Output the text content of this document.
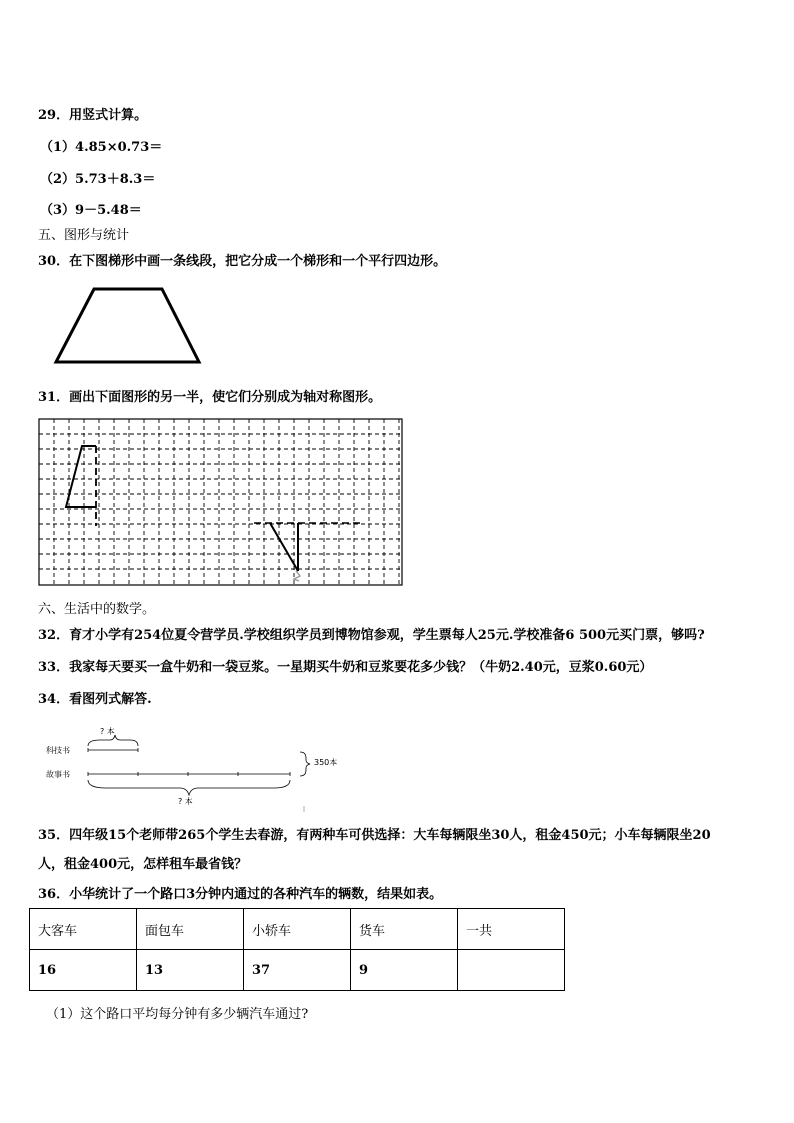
29．用竖式计算。
（1）4.85×0.73＝
（2）5.73＋8.3＝
（3）9－5.48＝
五、图形与统计
30．在下图梯形中画一条线段，把它分成一个梯形和一个平行四边形。
31．画出下面图形的另一半，使它们分别成为轴对称图形。
六、生活中的数学。
32．育才小学有254位夏令营学员.学校组织学员到博物馆参观，学生票每人25元.学校准备6 500元买门票，够吗?
33．我家每天要买一盒牛奶和一袋豆浆。一星期买牛奶和豆浆要花多少钱？（牛奶2.40元，豆浆0.60元）
34．看图列式解答.
? 本
科技书
故事书
350本
? 本
35．四年级15个老师带265个学生去春游，有两种车可供选择：大车每辆限坐30人，租金450元；小车每辆限坐20
人，租金400元，怎样租车最省钱？
36．小华统计了一个路口3分钟内通过的各种汽车的辆数，结果如表。
大客车	面包车	小轿车	货车	一共
16	13	37	9	
（1）这个路口平均每分钟有多少辆汽车通过?
